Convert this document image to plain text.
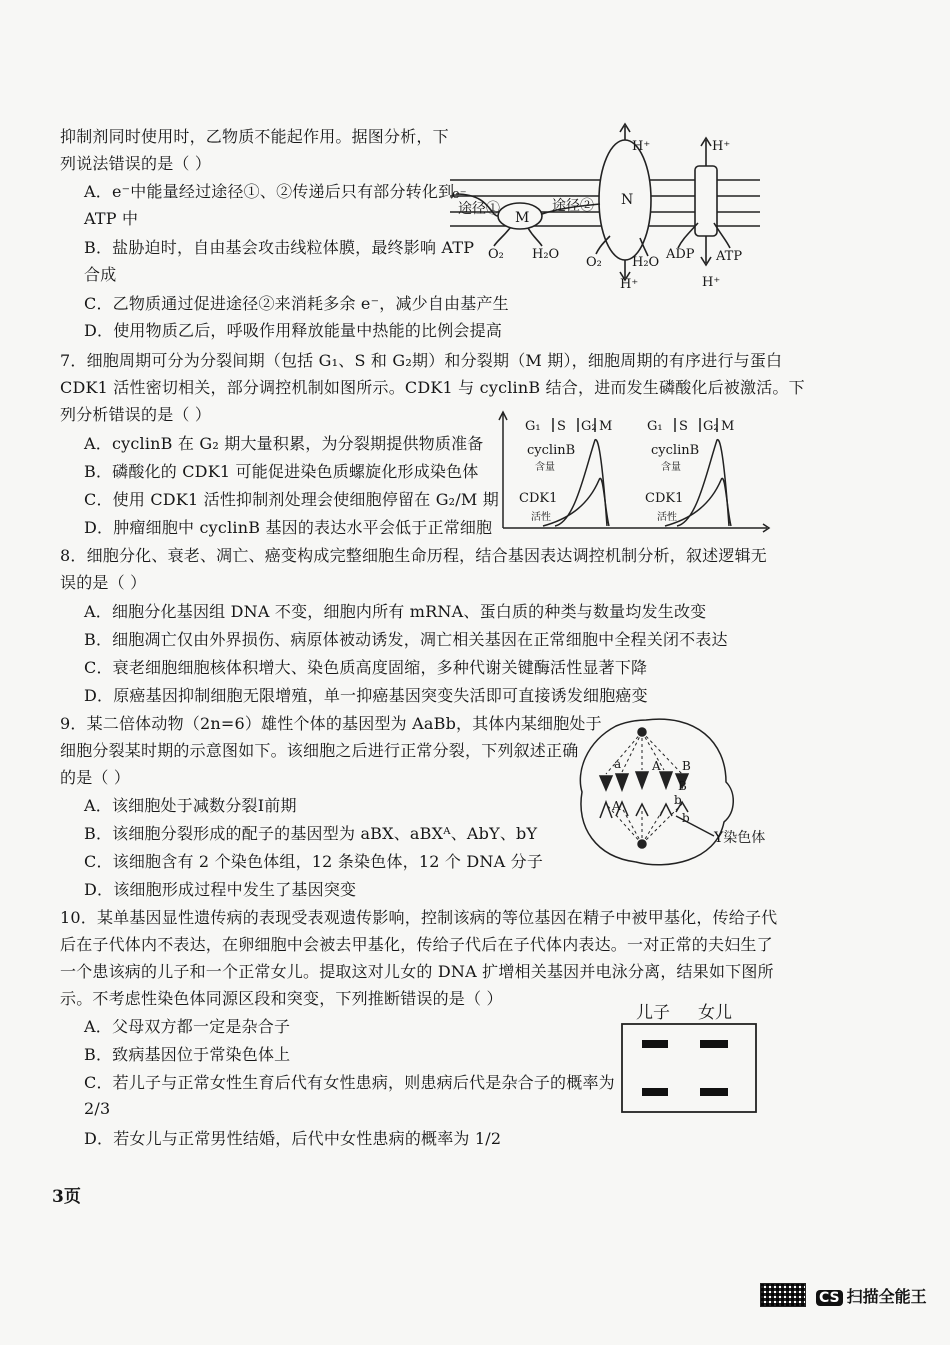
抑制剂同时使用时，乙物质不能起作用。据图分析，下
列说法错误的是（ ）
A．e⁻中能量经过途径①、②传递后只有部分转化到
ATP 中
B．盐胁迫时，自由基会攻击线粒体膜，最终影响 ATP
合成
C．乙物质通过促进途径②来消耗多余 e⁻，减少自由基产生
D．使用物质乙后，呼吸作用释放能量中热能的比例会提高
H⁺	H⁺
e⁻
途径①	途径②
M
N
O₂ H₂O
O₂ H₂O
H⁺	H⁺
ADP ATP
7．细胞周期可分为分裂间期（包括 G₁、S 和 G₂期）和分裂期（M 期），细胞周期的有序进行与蛋白
CDK1 活性密切相关，部分调控机制如图所示。CDK1 与 cyclinB 结合，进而发生磷酸化后被激活。下
列分析错误的是（ ）
A．cyclinB 在 G₂ 期大量积累，为分裂期提供物质准备
B．磷酸化的 CDK1 可能促进染色质螺旋化形成染色体
C．使用 CDK1 活性抑制剂处理会使细胞停留在 G₂/M 期
D．肿瘤细胞中 cyclinB 基因的表达水平会低于正常细胞
G₁ S G₂ M	G₁ S G₂ M
cyclinB
含量
cyclinB
含量
CDK1
活性
CDK1
活性
8．细胞分化、衰老、凋亡、癌变构成完整细胞生命历程，结合基因表达调控机制分析，叙述逻辑无
误的是（ ）
A．细胞分化基因组 DNA 不变，细胞内所有 mRNA、蛋白质的种类与数量均发生改变
B．细胞凋亡仅由外界损伤、病原体被动诱发，凋亡相关基因在正常细胞中全程关闭不表达
C．衰老细胞细胞核体积增大、染色质高度固缩，多种代谢关键酶活性显著下降
D．原癌基因抑制细胞无限增殖，单一抑癌基因突变失活即可直接诱发细胞癌变
9．某二倍体动物（2n=6）雄性个体的基因型为 AaBb，其体内某细胞处于
细胞分裂某时期的示意图如下。该细胞之后进行正常分裂，下列叙述正确
的是（ ）
A．该细胞处于减数分裂Ⅰ前期
B．该细胞分裂形成的配子的基因型为 aBX、aBXᴬ、AbY、bY
C．该细胞含有 2 个染色体组，12 条染色体，12 个 DNA 分子
D．该细胞形成过程中发生了基因突变
a	A B
B
A	b
b
Y染色体
10．某单基因显性遗传病的表现受表观遗传影响，控制该病的等位基因在精子中被甲基化，传给子代
后在子代体内不表达，在卵细胞中会被去甲基化，传给子代后在子代体内表达。一对正常的夫妇生了
一个患该病的儿子和一个正常女儿。提取这对儿女的 DNA 扩增相关基因并电泳分离，结果如下图所
示。不考虑性染色体同源区段和突变，下列推断错误的是（ ）
A．父母双方都一定是杂合子
B．致病基因位于常染色体上
C．若儿子与正常女性生育后代有女性患病，则患病后代是杂合子的概率为
2/3
D．若女儿与正常男性结婚，后代中女性患病的概率为 1/2
儿子 女儿
3页
CS 扫描全能王
